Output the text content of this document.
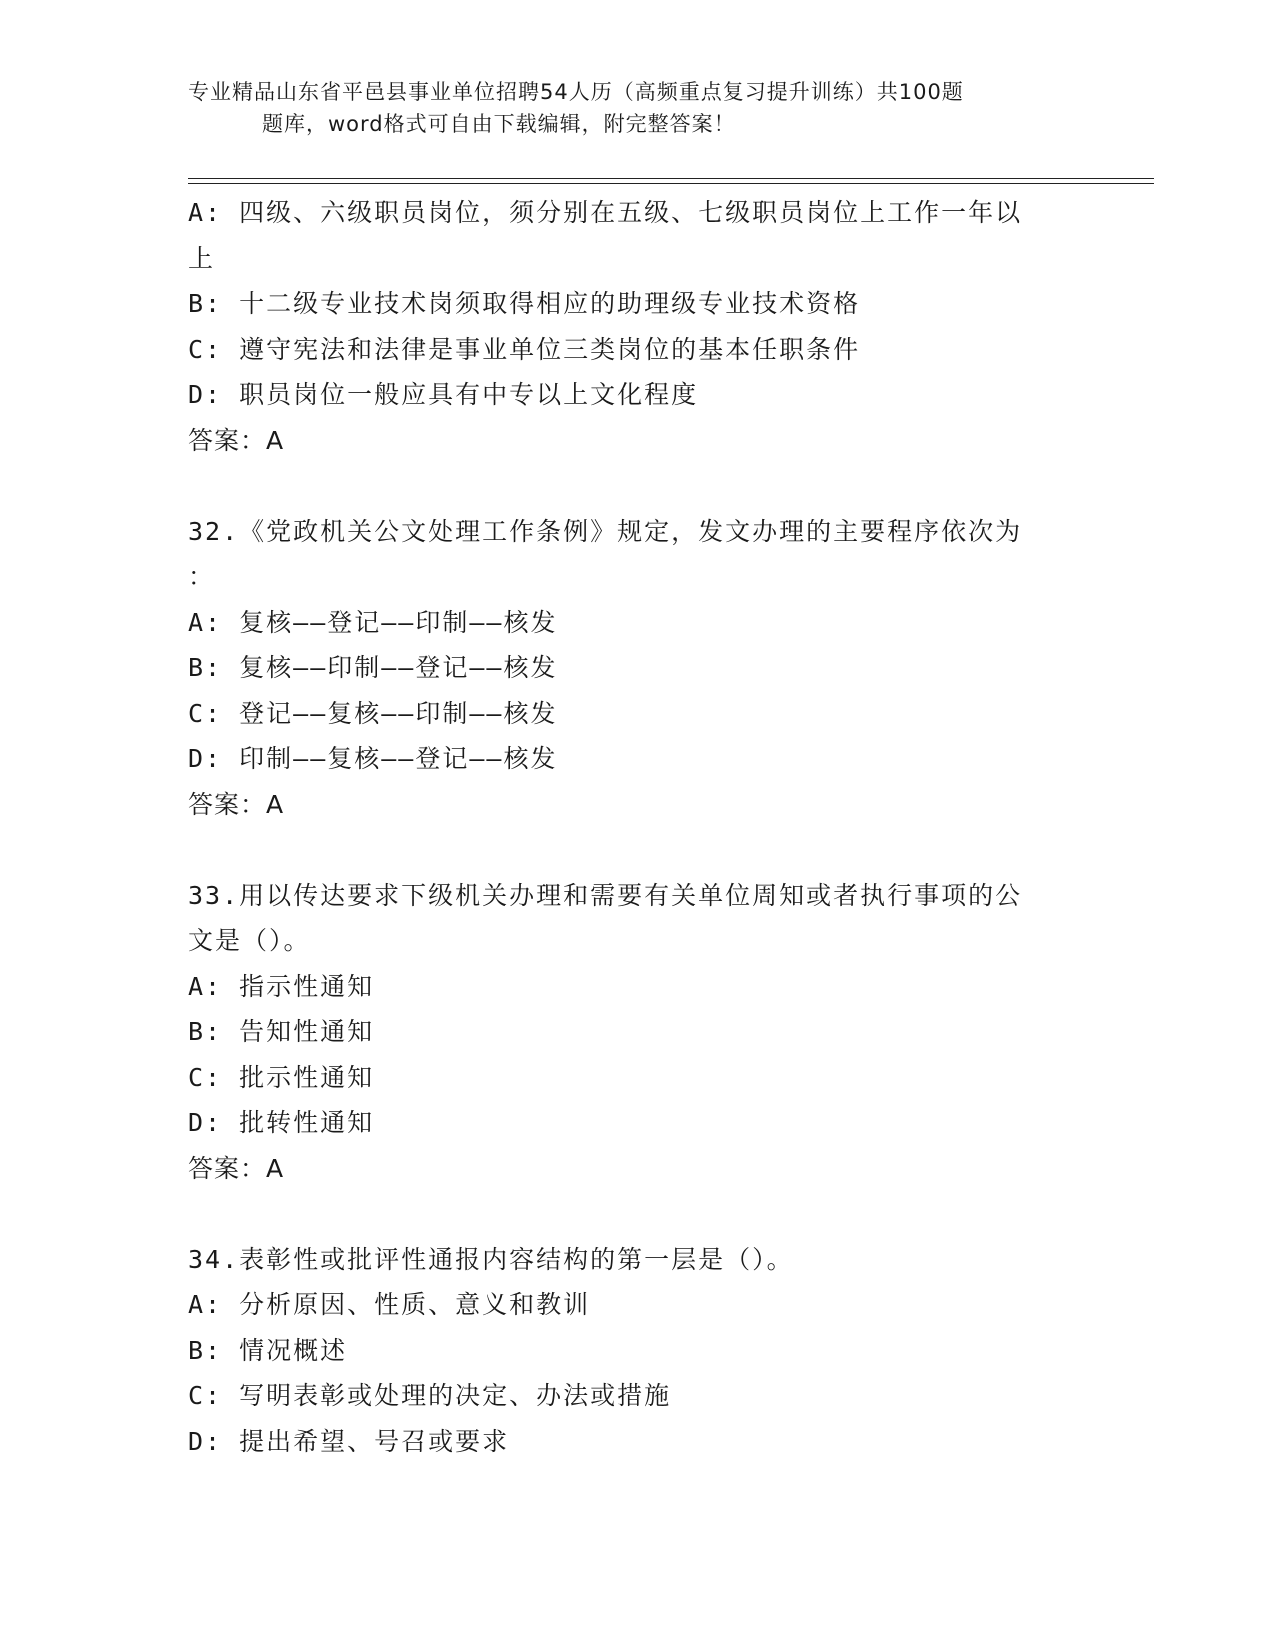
专业精品山东省平邑县事业单位招聘54人历（高频重点复习提升训练）共100题
题库，word格式可自由下载编辑，附完整答案！
A: 四级、六级职员岗位，须分别在五级、七级职员岗位上工作一年以
上
B: 十二级专业技术岗须取得相应的助理级专业技术资格
C: 遵守宪法和法律是事业单位三类岗位的基本任职条件
D: 职员岗位一般应具有中专以上文化程度
答案：A
32.《党政机关公文处理工作条例》规定，发文办理的主要程序依次为
：
A: 复核——登记——印制——核发
B: 复核——印制——登记——核发
C: 登记——复核——印制——核发
D: 印制——复核——登记——核发
答案：A
33.用以传达要求下级机关办理和需要有关单位周知或者执行事项的公
文是（）。
A: 指示性通知
B: 告知性通知
C: 批示性通知
D: 批转性通知
答案：A
34.表彰性或批评性通报内容结构的第一层是（）。
A: 分析原因、性质、意义和教训
B: 情况概述
C: 写明表彰或处理的决定、办法或措施
D: 提出希望、号召或要求
